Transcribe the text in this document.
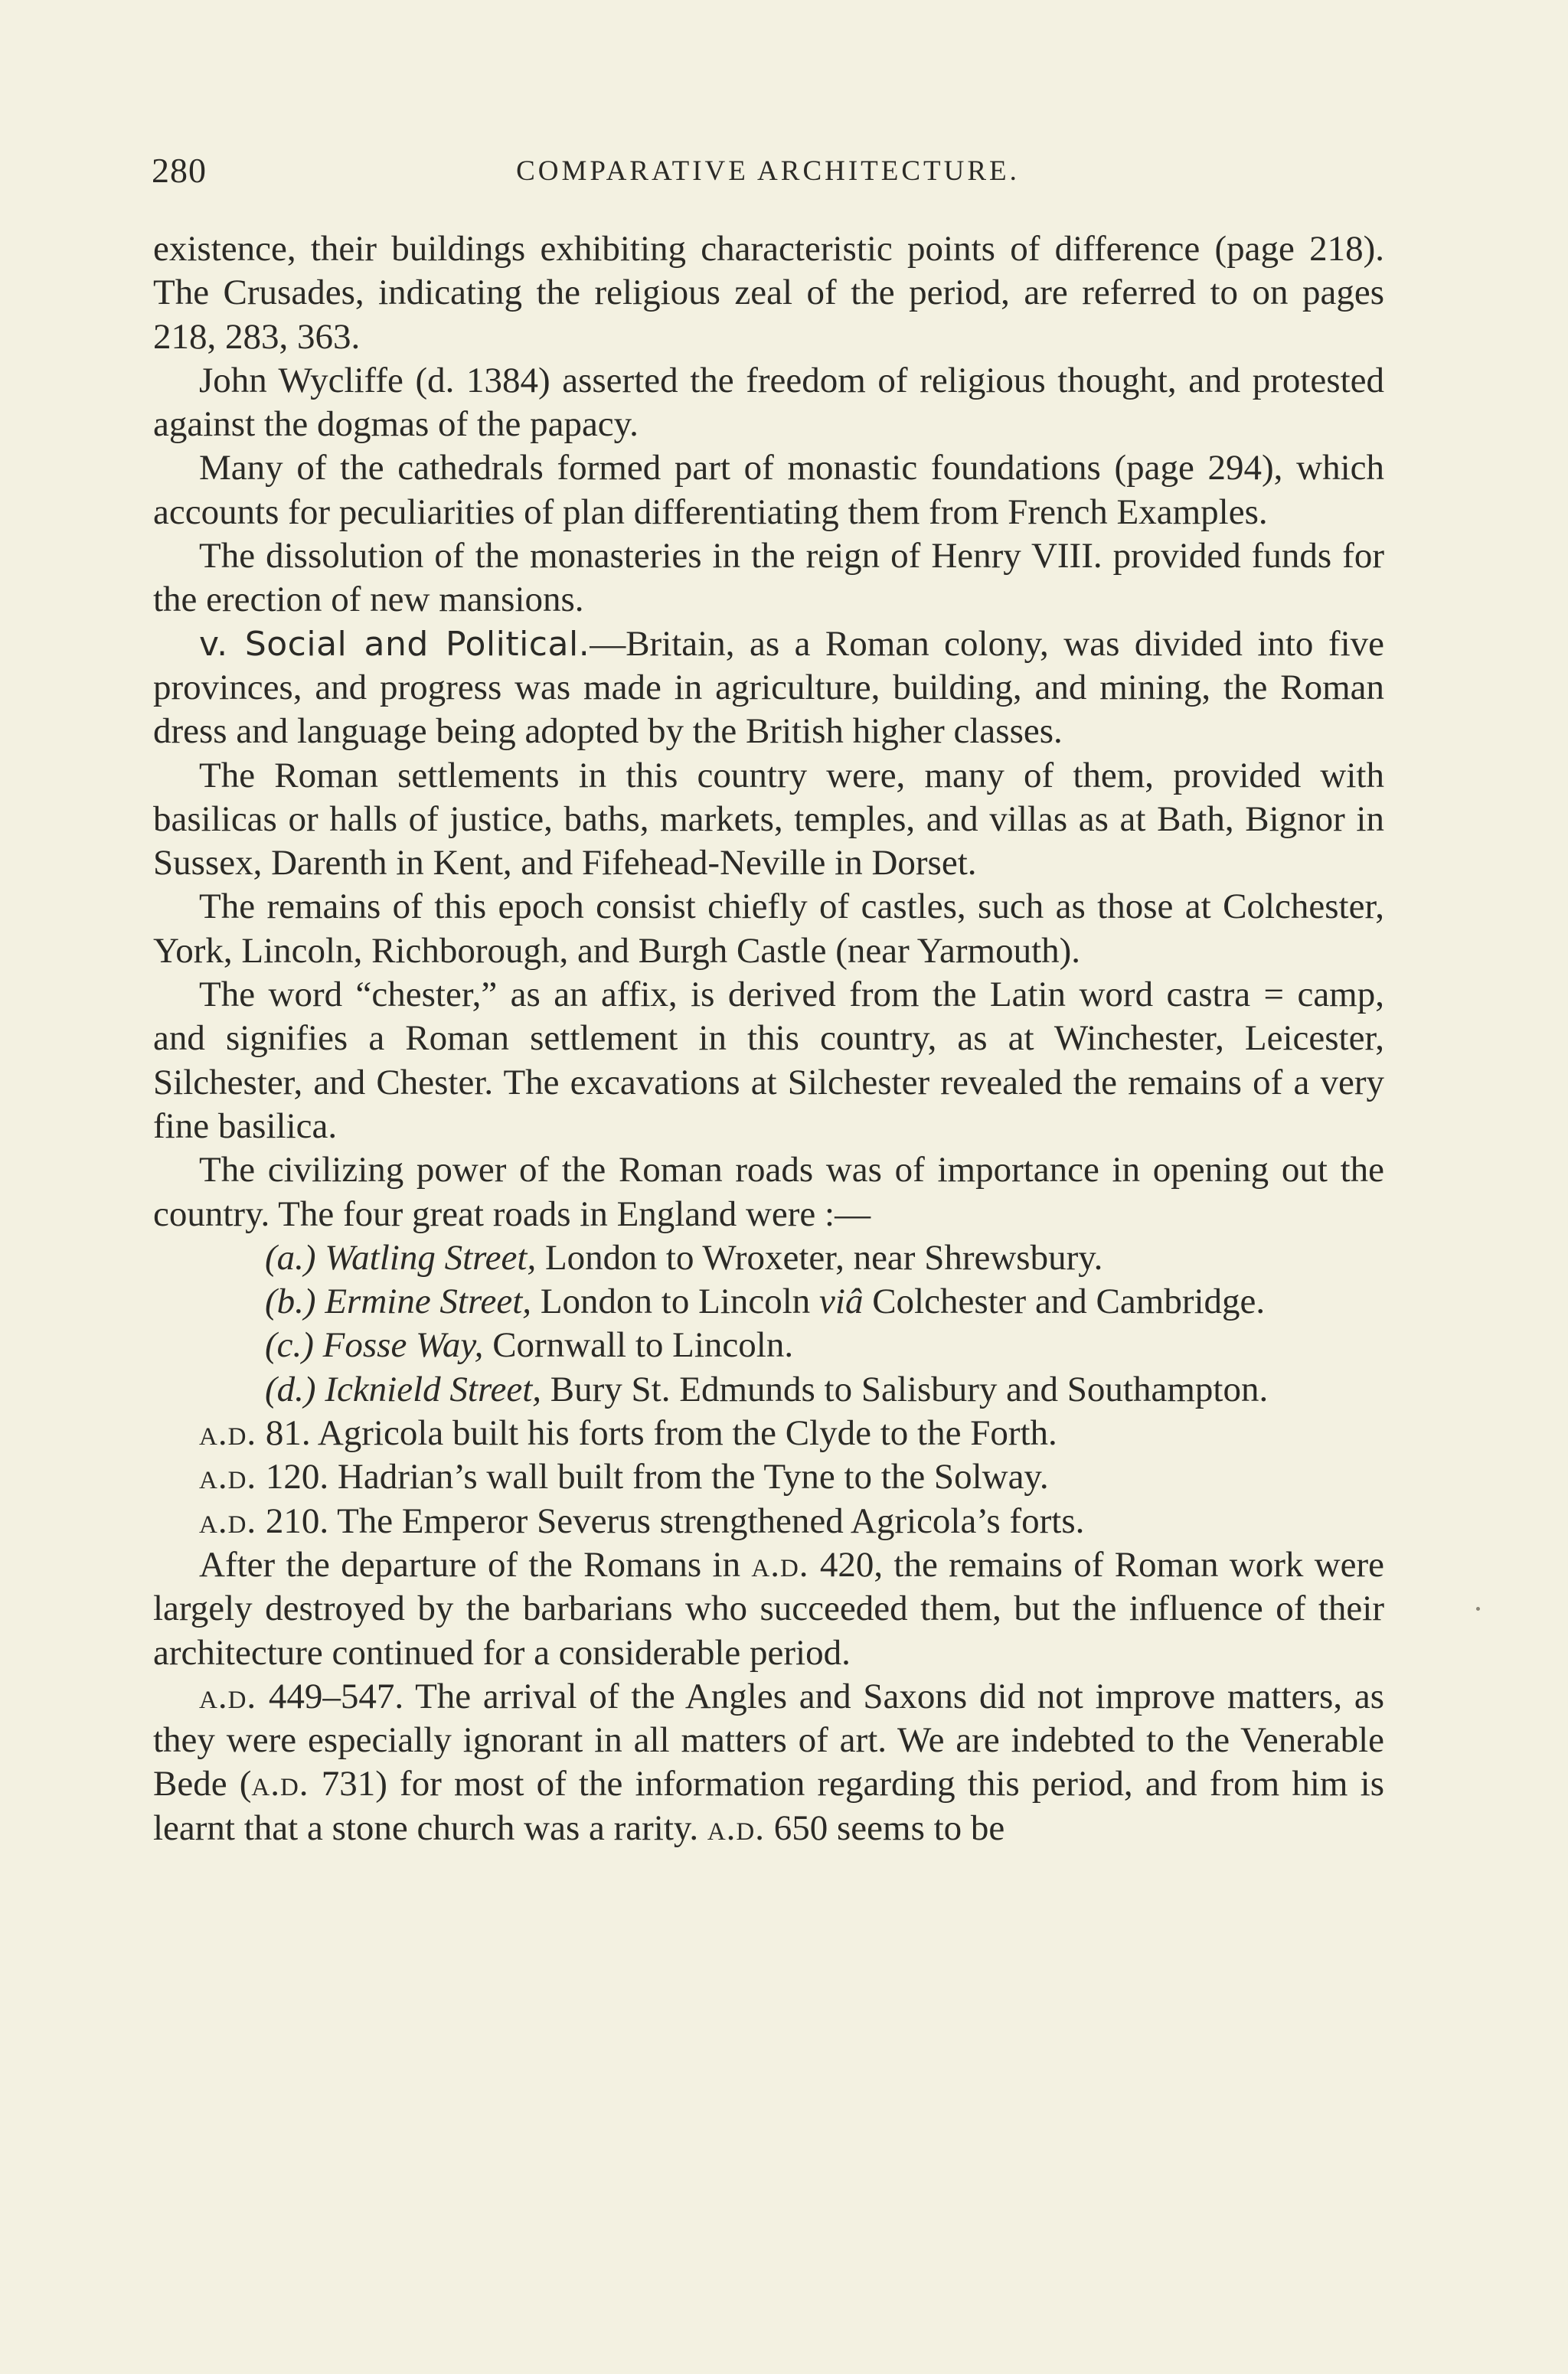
280	COMPARATIVE ARCHITECTURE.

existence, their buildings exhibiting characteristic points of difference (page 218). The Crusades, indicating the religious zeal of the period, are referred to on pages 218, 283, 363.

John Wycliffe (d. 1384) asserted the freedom of religious thought, and protested against the dogmas of the papacy.

Many of the cathedrals formed part of monastic foundations (page 294), which accounts for peculiarities of plan differentiating them from French Examples.

The dissolution of the monasteries in the reign of Henry VIII. provided funds for the erection of new mansions.

v. Social and Political.—Britain, as a Roman colony, was divided into five provinces, and progress was made in agriculture, building, and mining, the Roman dress and language being adopted by the British higher classes.

The Roman settlements in this country were, many of them, provided with basilicas or halls of justice, baths, markets, temples, and villas as at Bath, Bignor in Sussex, Darenth in Kent, and Fifehead-Neville in Dorset.

The remains of this epoch consist chiefly of castles, such as those at Colchester, York, Lincoln, Richborough, and Burgh Castle (near Yarmouth).

The word “chester,” as an affix, is derived from the Latin word castra = camp, and signifies a Roman settlement in this country, as at Winchester, Leicester, Silchester, and Chester. The excavations at Silchester revealed the remains of a very fine basilica.

The civilizing power of the Roman roads was of importance in opening out the country. The four great roads in England were :—

(a.) Watling Street, London to Wroxeter, near Shrewsbury.

(b.) Ermine Street, London to Lincoln viâ Colchester and Cambridge.

(c.) Fosse Way, Cornwall to Lincoln.

(d.) Icknield Street, Bury St. Edmunds to Salisbury and Southampton.

a.d. 81. Agricola built his forts from the Clyde to the Forth.

a.d. 120. Hadrian’s wall built from the Tyne to the Solway.

a.d. 210. The Emperor Severus strengthened Agricola’s forts.

After the departure of the Romans in a.d. 420, the remains of Roman work were largely destroyed by the barbarians who succeeded them, but the influence of their architecture continued for a considerable period.

a.d. 449–547. The arrival of the Angles and Saxons did not improve matters, as they were especially ignorant in all matters of art. We are indebted to the Venerable Bede (a.d. 731) for most of the information regarding this period, and from him is learnt that a stone church was a rarity. a.d. 650 seems to be
